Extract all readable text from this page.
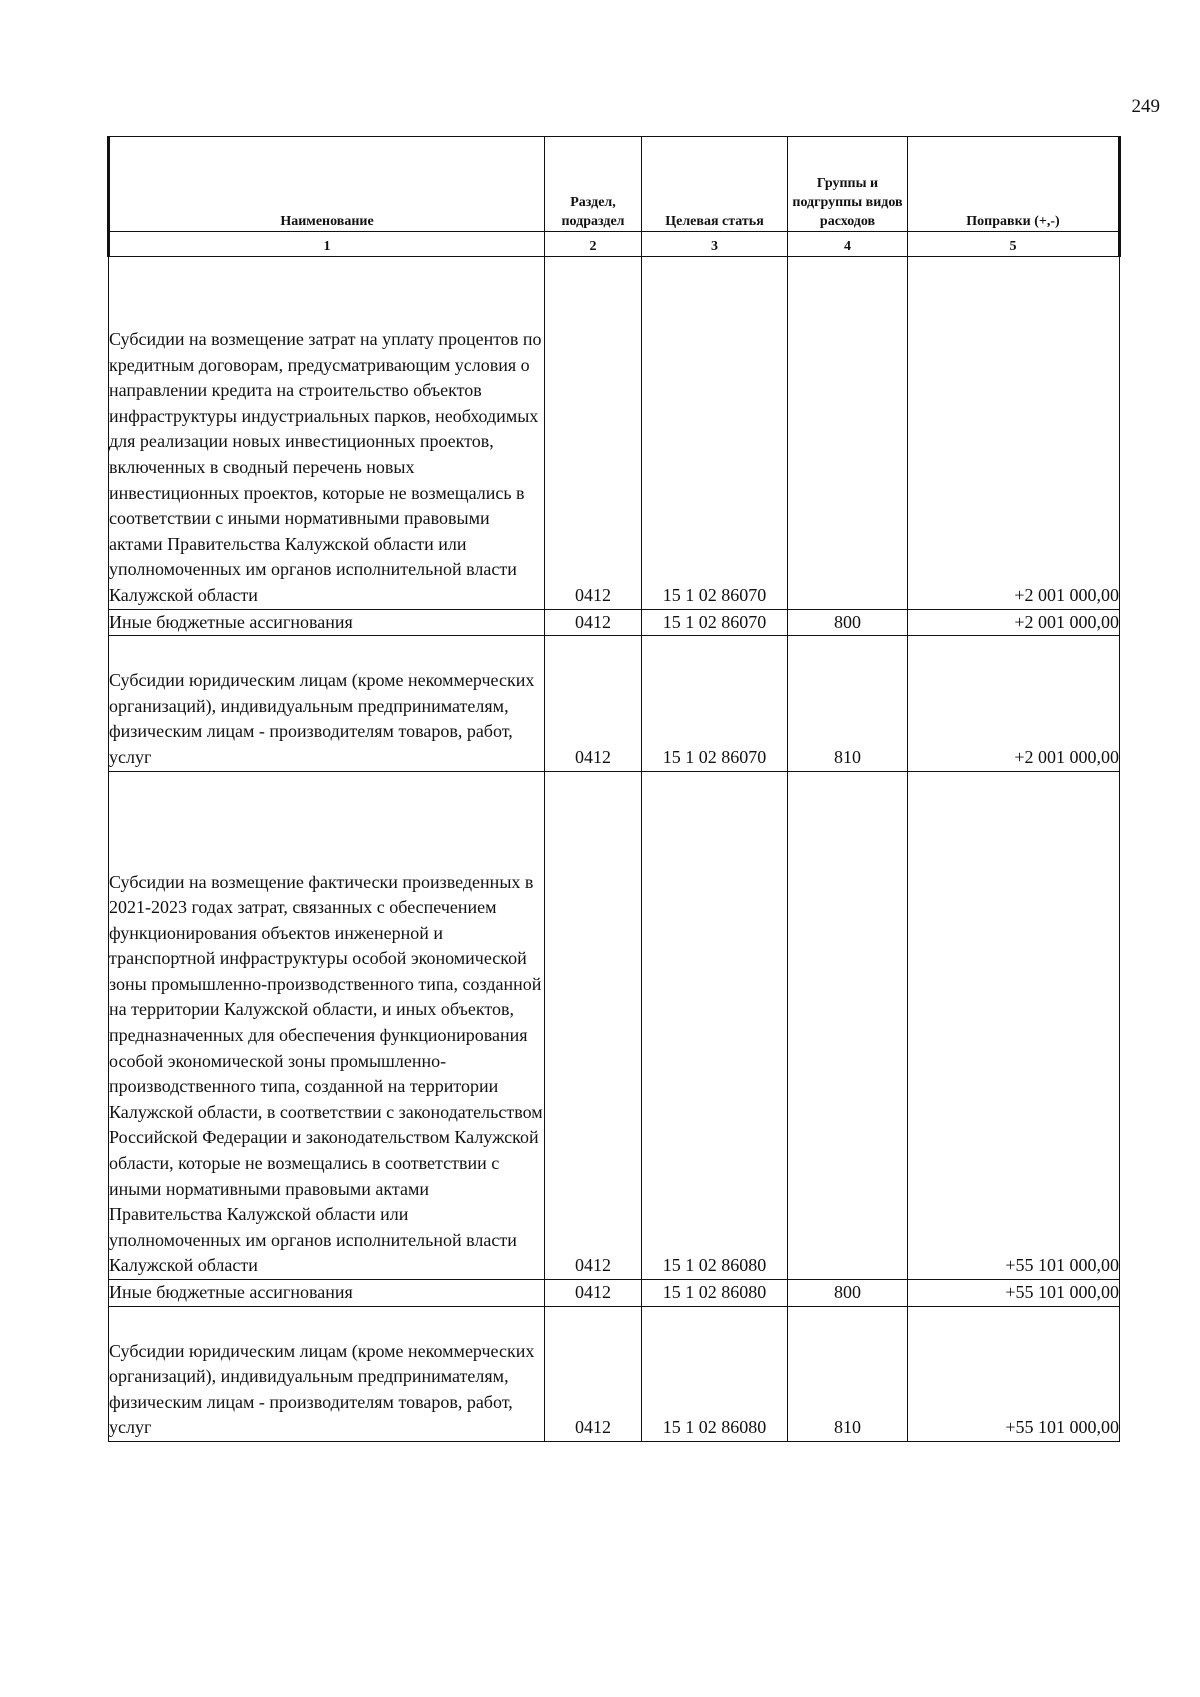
249
Наименование	Раздел, подраздел	Целевая статья	Группы и подгруппы видов расходов	Поправки (+,-)
1	2	3	4	5

Субсидии на возмещение затрат на уплату процентов по кредитным договорам, предусматривающим условия о направлении кредита на строительство объектов инфраструктуры индустриальных парков, необходимых для реализации новых инвестиционных проектов, включенных в сводный перечень новых инвестиционных проектов, которые не возмещались в соответствии с иными нормативными правовыми актами Правительства Калужской области или уполномоченных им органов исполнительной власти Калужской области	0412	15 1 02 86070		+2 001 000,00
Иные бюджетные ассигнования	0412	15 1 02 86070	800	+2 001 000,00

Субсидии юридическим лицам (кроме некоммерческих организаций), индивидуальным предпринимателям, физическим лицам - производителям товаров, работ, услуг	0412	15 1 02 86070	810	+2 001 000,00

Субсидии на возмещение фактически произведенных в 2021-2023 годах затрат, связанных с обеспечением функционирования объектов инженерной и транспортной инфраструктуры особой экономической зоны промышленно-производственного типа, созданной на территории Калужской области, и иных объектов, предназначенных для обеспечения функционирования особой экономической зоны промышленно-производственного типа, созданной на территории Калужской области, в соответствии с законодательством Российской Федерации и законодательством Калужской области, которые не возмещались в соответствии с иными нормативными правовыми актами Правительства Калужской области или уполномоченных им органов исполнительной власти Калужской области	0412	15 1 02 86080		+55 101 000,00
Иные бюджетные ассигнования	0412	15 1 02 86080	800	+55 101 000,00

Субсидии юридическим лицам (кроме некоммерческих организаций), индивидуальным предпринимателям, физическим лицам - производителям товаров, работ, услуг	0412	15 1 02 86080	810	+55 101 000,00
